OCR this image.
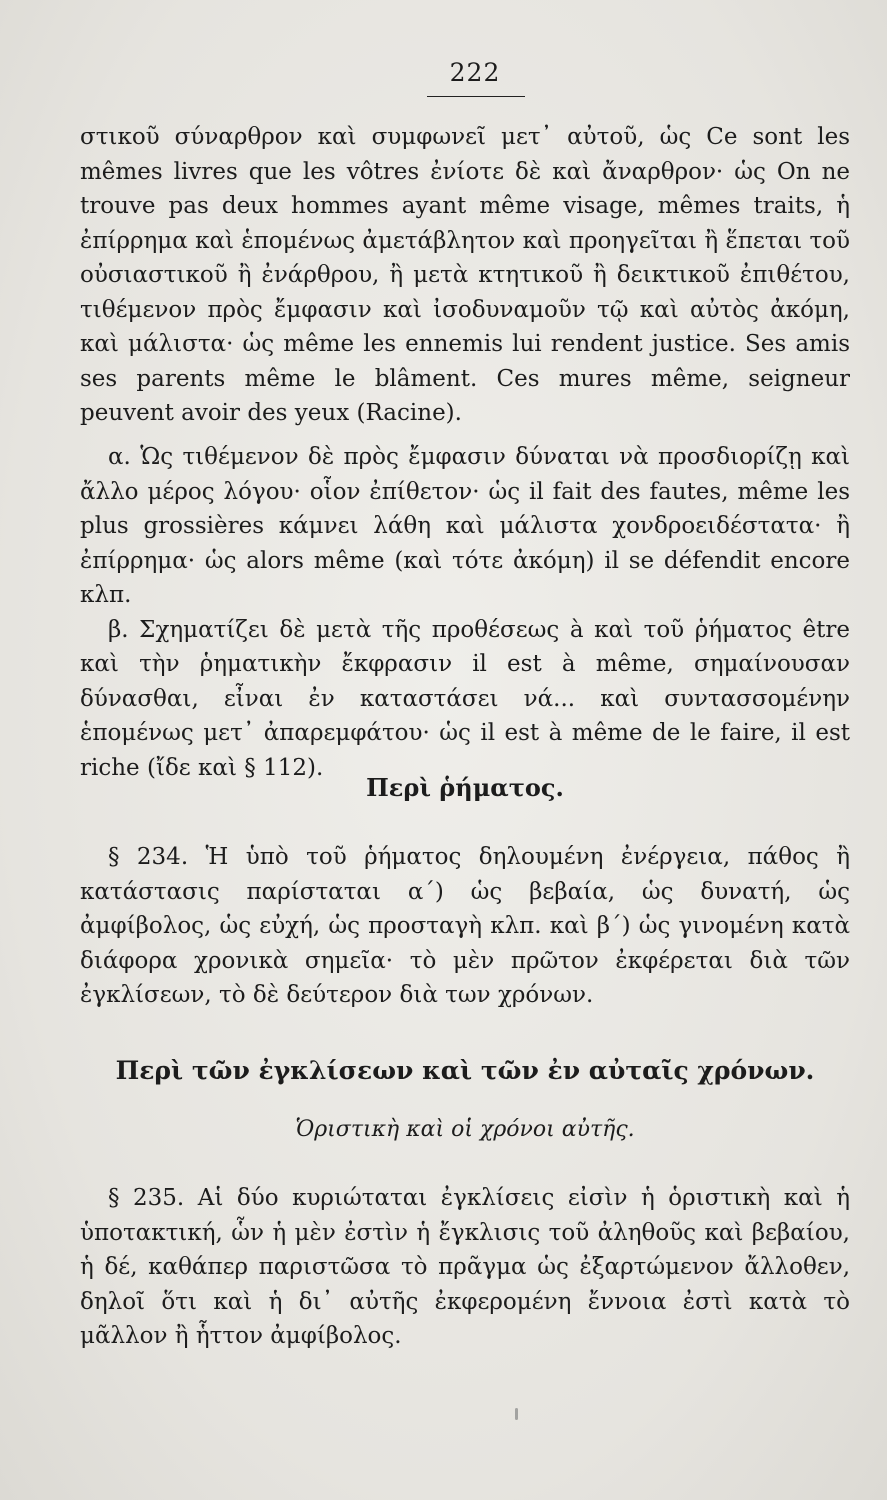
222

στικοῦ σύναρθρον καὶ συμφωνεῖ μετ᾽ αὐτοῦ, ὡς Ce sont les mêmes livres que les vôtres ἐνίοτε δὲ καὶ ἄναρθρον· ὡς On ne trouve pas deux hommes ayant même visage, mêmes traits, ἡ ἐπίρρημα καὶ ἑπομένως ἀμετάβλητον καὶ προηγεῖται ἢ ἕπεται τοῦ οὐσιαστικοῦ ἢ ἐνάρθρου, ἢ μετὰ κτητικοῦ ἢ δεικτικοῦ ἐπιθέτου, τιθέμενον πρὸς ἔμφασιν καὶ ἰσοδυναμοῦν τῷ καὶ αὐτὸς ἀκόμη, καὶ μάλιστα· ὡς même les ennemis lui rendent justice. Ses amis ses parents même le blâment. Ces mures même, seigneur peuvent avoir des yeux (Racine).

α. Ὡς τιθέμενον δὲ πρὸς ἔμφασιν δύναται νὰ προσδιορίζῃ καὶ ἄλλο μέρος λόγου· οἷον ἐπίθετον· ὡς il fait des fautes, même les plus grossières κάμνει λάθη καὶ μάλιστα χονδροειδέστατα· ἢ ἐπίρρημα· ὡς alors même (καὶ τότε ἀκόμη) il se défendit encore κλπ.

β. Σχηματίζει δὲ μετὰ τῆς προθέσεως à καὶ τοῦ ῥήματος être καὶ τὴν ῥηματικὴν ἔκφρασιν il est à même, σημαίνουσαν δύνασθαι, εἶναι ἐν καταστάσει νά... καὶ συντασσομένην ἑπομένως μετ᾽ ἀπαρεμφάτου· ὡς il est à même de le faire, il est riche (ἴδε καὶ § 112).

Περὶ ῥήματος.

§ 234. Ἡ ὑπὸ τοῦ ῥήματος δηλουμένη ἐνέργεια, πάθος ἢ κατάστασις παρίσταται α΄) ὡς βεβαία, ὡς δυνατή, ὡς ἀμφίβολος, ὡς εὐχή, ὡς προσταγὴ κλπ. καὶ β΄) ὡς γινομένη κατὰ διάφορα χρονικὰ σημεῖα· τὸ μὲν πρῶτον ἐκφέρεται διὰ τῶν ἐγκλίσεων, τὸ δὲ δεύτερον διὰ των χρόνων.

Περὶ τῶν ἐγκλίσεων καὶ τῶν ἐν αὐταῖς χρόνων.
Ὁριστικὴ καὶ οἱ χρόνοι αὐτῆς.

§ 235. Αἱ δύο κυριώταται ἐγκλίσεις εἰσὶν ἡ ὁριστικὴ καὶ ἡ ὑποτακτική, ὧν ἡ μὲν ἐστὶν ἡ ἔγκλισις τοῦ ἀληθοῦς καὶ βεβαίου, ἡ δέ, καθάπερ παριστῶσα τὸ πρᾶγμα ὡς ἐξαρτώμενον ἄλλοθεν, δηλοῖ ὅτι καὶ ἡ δι᾽ αὐτῆς ἐκφερομένη ἔννοια ἐστὶ κατὰ τὸ μᾶλλον ἢ ἧττον ἀμφίβολος.
